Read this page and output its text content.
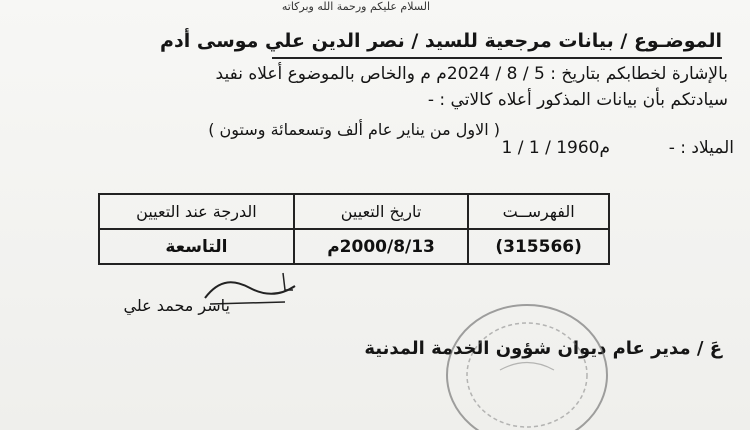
السلام عليكم ورحمة الله وبركاته
الموضـوع / بيانات مرجعية للسيد / نصر الدين علي موسى أدم
بالإشارة لخطابكم بتاريخ : 5 / 8 / 2024م م والخاص بالموضوع أعلاه نفيد
سيادتكم بأن بيانات المذكور أعلاه كالاتي : -
الميلاد : -
1 / 1 / 1960م
( الاول من يناير عام ألف وتسعمائة وستون )
الفهرســت	تاريخ التعيين	الدرجة عند التعيين
(315566)	2000/8/13م	التاسعة
ياسر محمد علي
عَ / مدير عام ديوان شؤون الخدمة المدنية
